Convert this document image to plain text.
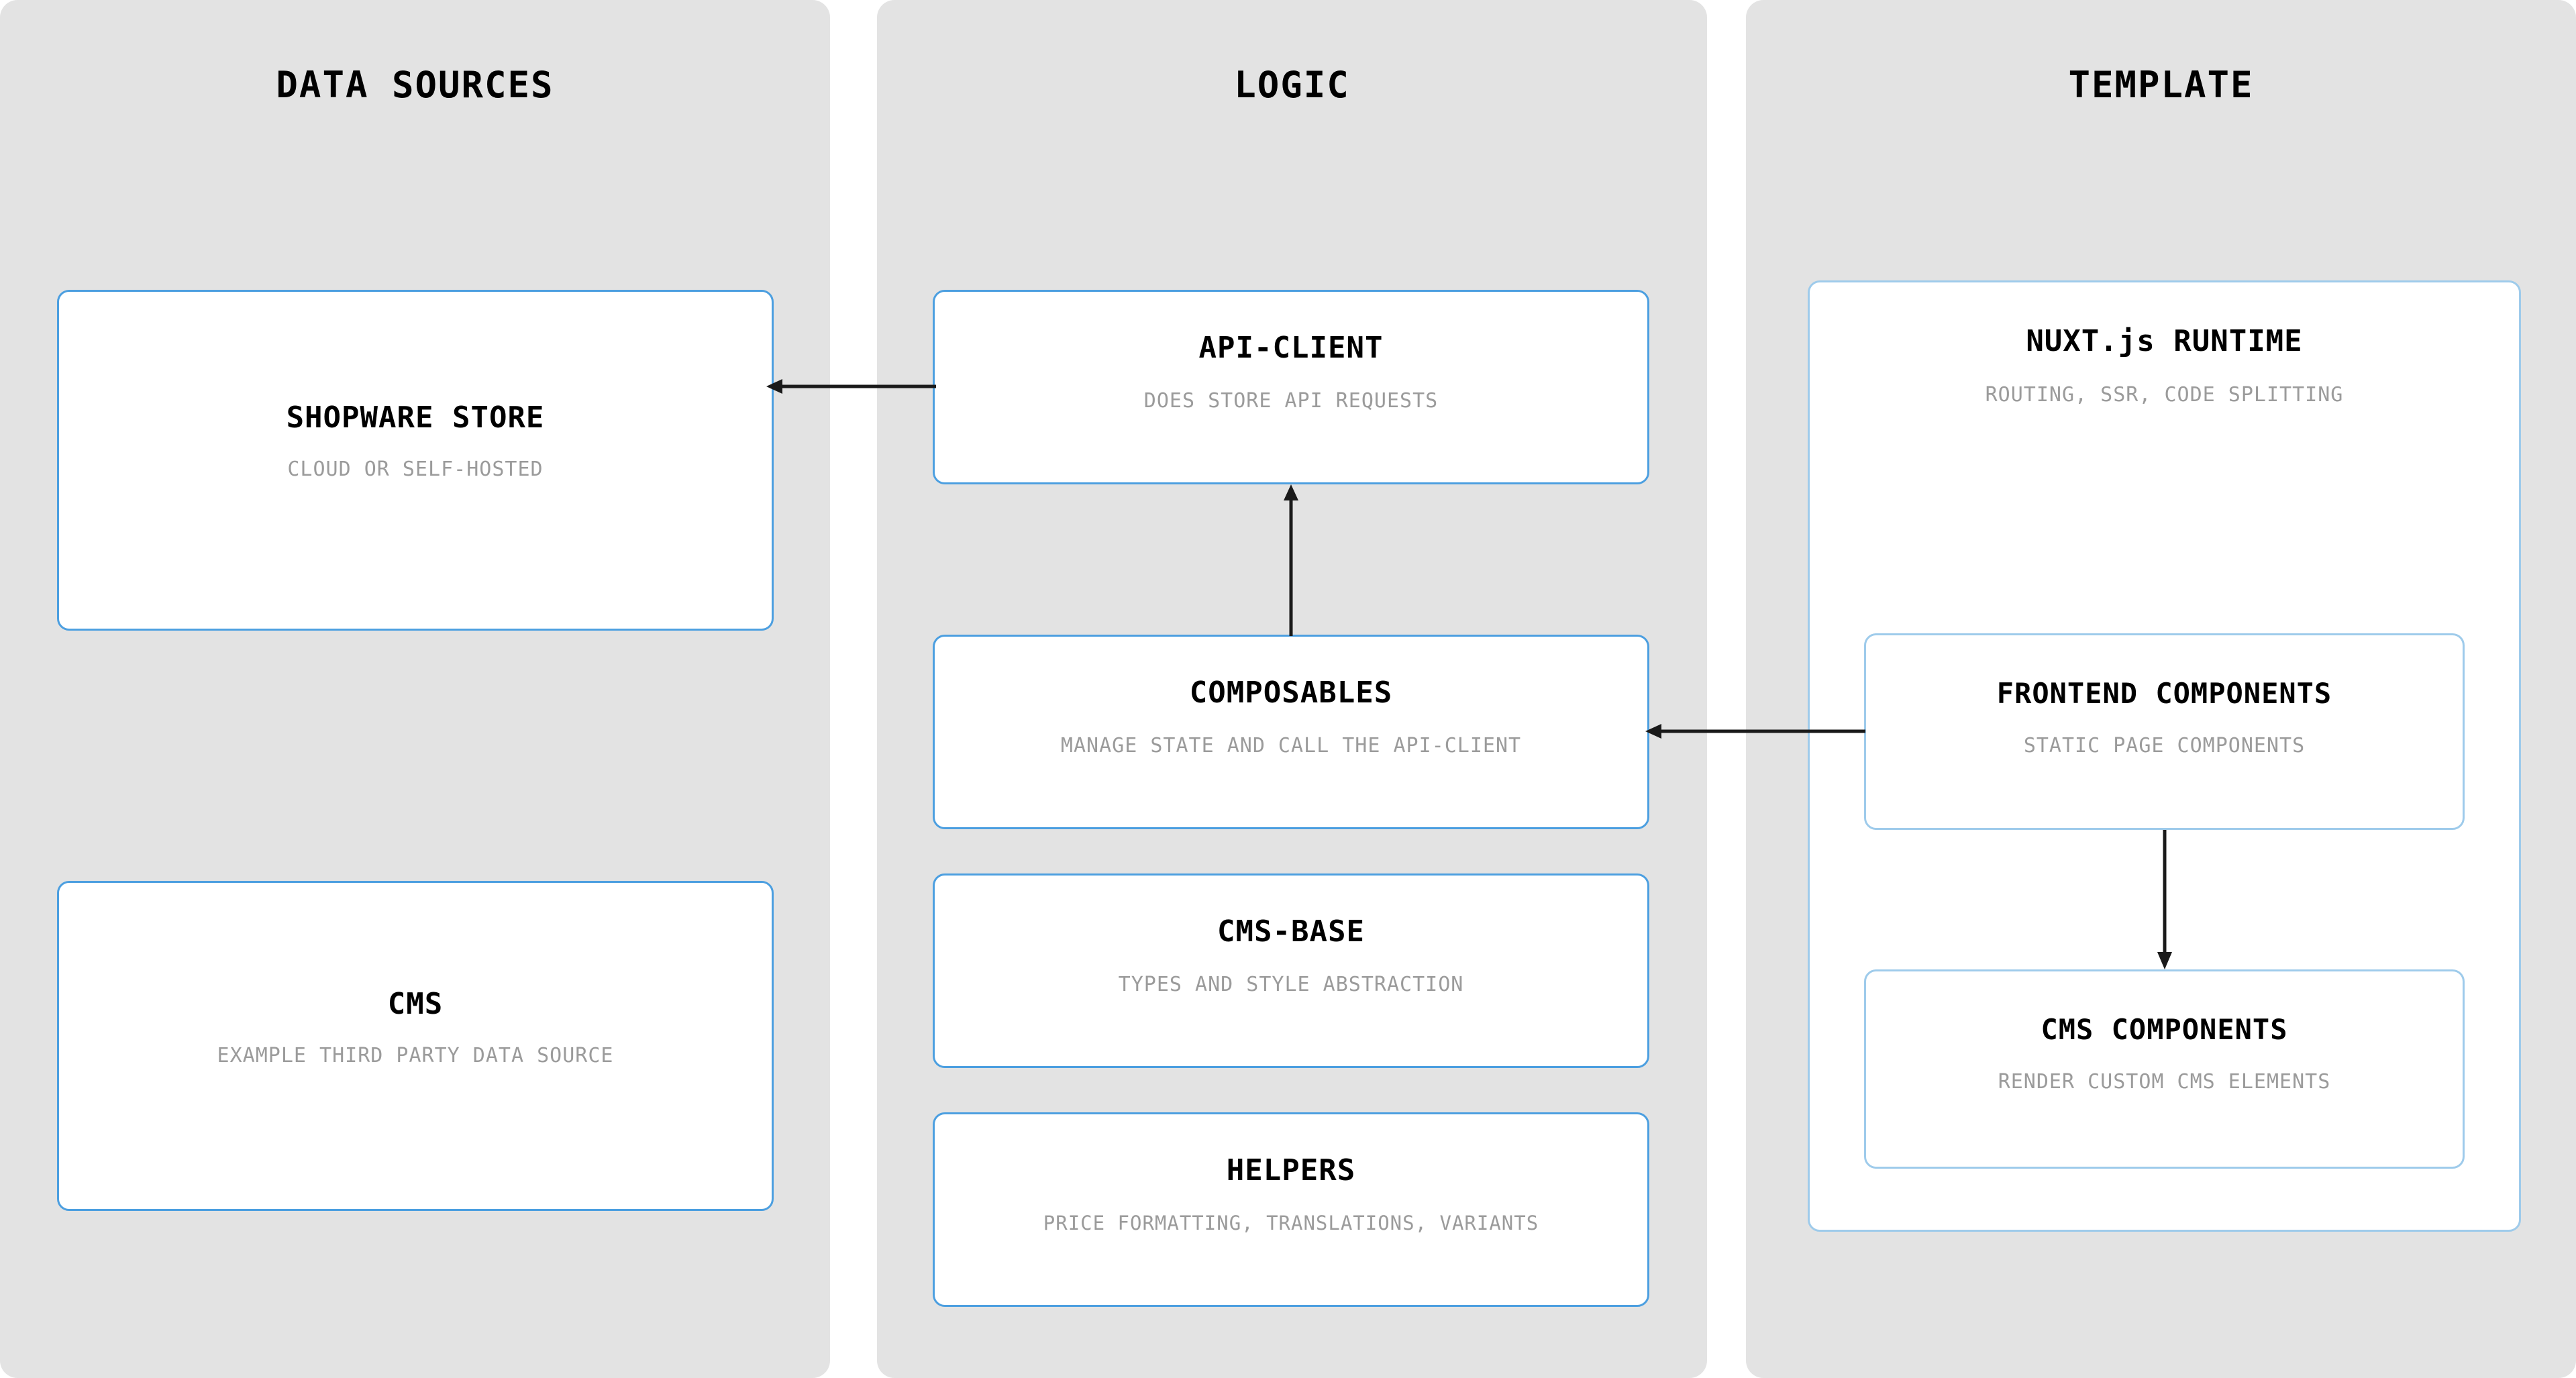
DATA SOURCES
SHOPWARE STORE
CLOUD OR SELF-HOSTED
CMS
EXAMPLE THIRD PARTY DATA SOURCE
LOGIC
API-CLIENT
DOES STORE API REQUESTS
COMPOSABLES
MANAGE STATE AND CALL THE API-CLIENT
CMS-BASE
TYPES AND STYLE ABSTRACTION
HELPERS
PRICE FORMATTING, TRANSLATIONS, VARIANTS
TEMPLATE
NUXT.js RUNTIME
ROUTING, SSR, CODE SPLITTING
FRONTEND COMPONENTS
STATIC PAGE COMPONENTS
CMS COMPONENTS
RENDER CUSTOM CMS ELEMENTS
